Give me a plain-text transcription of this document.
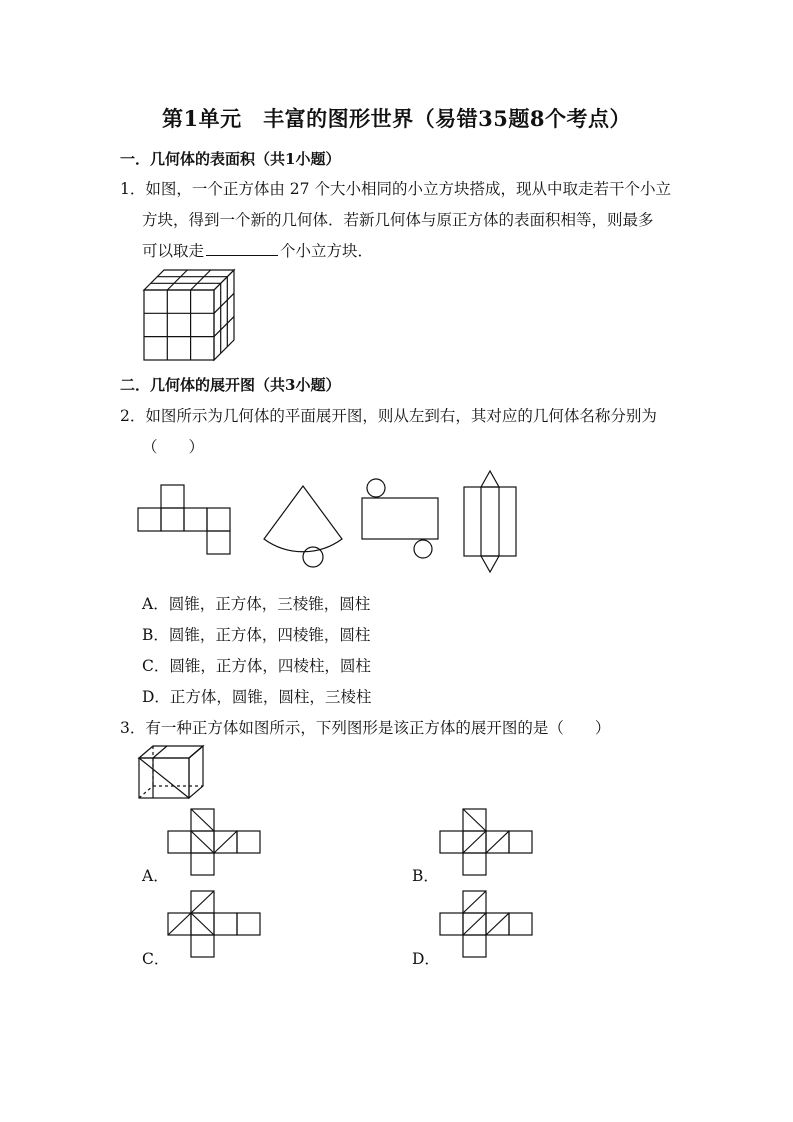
第1单元　丰富的图形世界（易错35题8个考点）
一．几何体的表面积（共1小题）
1．如图，一个正方体由 27 个大小相同的小立方块搭成，现从中取走若干个小立
方块，得到一个新的几何体．若新几何体与原正方体的表面积相等，则最多
可以取走	个小立方块．
二．几何体的展开图（共3小题）
2．如图所示为几何体的平面展开图，则从左到右，其对应的几何体名称分别为
（　　）
A．圆锥，正方体，三棱锥，圆柱
B．圆锥，正方体，四棱锥，圆柱
C．圆锥，正方体，四棱柱，圆柱
D．正方体，圆锥，圆柱，三棱柱
3．有一种正方体如图所示，下列图形是该正方体的展开图的是（　　）
A．	B．
C．	D．
